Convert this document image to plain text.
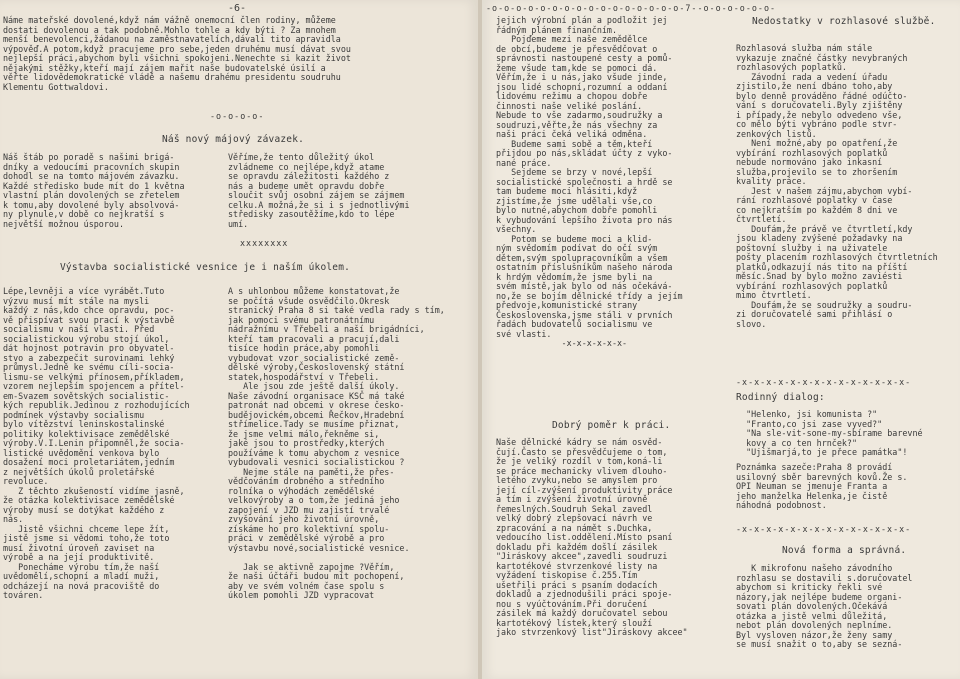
-6-
Náme mateřské dovolené,když nám vážně onemocní člen rodiny, můžeme
dostati dovolenou a tak podobně.Mohlo tohle a kdy býti ? Za mnohem
menší benevolenci,žádanou na zaměstnavatelích,dávali tito apravidla
výpověď.A potom,když pracujeme pro sebe,jeden druhému musí dávat svou
nejlepší práci,abychom byli všichni spokojeni.Nenechte si kazit život
nějakými stěžky,kteří mají zájem mařit naše budovatelské úsilí a
věřte lidovědemokratické vládě a našemu drahému presidentu soudruhu
Klementu Gottwaldovi.
-o-o-o-o-
Náš nový májový závazek.
Náš štáb po poradě s našimi brigá-
dníky a vedoucími pracovních skupin
dohodl se na tomto májovém závazku.
Každé středisko bude mít do 1 května
vlastní plán dovolených se zřetelem
k tomu,aby dovolené byly absolvová-
ny plynule,v době co nejkratší s
největší možnou úsporou.
Věříme,že tento důležitý úkol
zvládneme co nejlépe,když atame
se opravdu záležitosti každého z
nás a budeme umět opravdu dobře
sloučit svůj osobní zájem se zájmem
celku.A možná,že si i s jednotlivými
středisky zasoutěžíme,kdo to lépe
umí.
xxxxxxxx
Výstavba socialistické vesnice je i naším úkolem.
Lépe,levněji a více vyrábět.Tuto
výzvu musí mít stále na mysli
každý z nás,kdo chce opravdu, poc-
vě přispívat svou prací k výstavbě
socialismu v naší vlasti. Před
socialistickou výrobu stojí úkol,
dát hojnost potravin pro obyvatel-
stvo a zabezpečit surovinami lehký
průmysl.Jedně ke svému cíli-socia-
lismu-se velkými přínosem,příkladem,
vzorem nejlepším spojencem a přítel-
em-Svazem sovětských socialistic-
kých republik.Jedinou z rozhodujících
podmínek výstavby socialismu
bylo vítězství leninskostalinské
politiky kolektivisace zemědělské
výroby.V.I.Lenin připomněl,že socia-
listické uvědomění venkova bylo
dosažení moci proletariátem,jedním
z největších úkolů proletářské
revoluce.
Z těchto zkušeností vidíme jasně,
že otázka kolektivisace zemědělské
výroby musí se dotýkat každého z
nás.
Jistě všichni chceme lepe žít,
jistě jsme si vědomi toho,že toto
musí životní úroveň zaviset na
výrobě a na její produktivitě.
Ponecháme výrobu tím,že naší
uvědomělí,schopní a mladí muži,
odcházejí na nová pracoviště do
továren.
A s uhlonbou můžeme konstatovat,že
se počítá všude osvědčilo.Okresk
stranický Praha 8 si také vedla rady s tím,
jak pomoci svému patronátnímu
nádražnímu v Třebeli a naší brigádníci,
kteří tam pracovali a pracují,dali
tisíce hodin práce,aby pomohli
vybudovat vzor socialistické země-
dělské výroby,Československý státní
statek,hospodářství v Třebeli.
Ale jsou zde ještě další úkoly.
Naše závodní organisace KSČ má také
patronát nad obcemi v okrese česko-
budějovickém,obcemi Řečkov,Hradební
střímelice.Tady se musíme přiznat,
že jsme velmi málo,řekněme si,
jaké jsou to prostředky,kterých
používáme k tomu abychom z vesnice
vybudovali vesnici socialistickou ?
Nejme stále na paměti,že přes-
vědčováním drobného a středního
rolníka o výhodách zemědělské
velkovýroby a o tom,že jediná jeho
zapojení v JZD mu zajistí trvalé
zvyšování jeho životní úrovně,
získáme ho pro kolektivní spolu-
práci v zemědělské výrobě a pro
výstavbu nové,socialistické vesnice.

Jak se aktivně zapojme ?Věřím,
že naši účtáři budou mít pochopení,
aby ve svém volném čase spolu s
úkolem pomohli JZD vypracovat
-o-o-o-o-o-o-o-o-o-o-o-o-o-o-o-o-7--o-o-o-o-o-o-
jejich výrobní plán a podložit jej
řádným plánem finančním.
Pojďeme mezi naše zemědělce
de obcí,budeme je přesvědčovat o
správnosti nastoupené cesty a pomů-
žeme všude tam,kde se pomoci dá.
Věřím,že i u nás,jako všude jinde,
jsou lidé schopní,rozumní a oddaní
lidovému režimu a chopou dobře
činnosti naše veliké poslání.
Nebude to vše zadarmo,soudružky a
soudruzi,věřte,že nás všechny za
naši práci čeká veliká odměna.
Budeme sami sobě a těm,kteří
přijdou po nás,skládat účty z vyko-
nané práce.
Sejdeme se brzy v nové,lepší
socialistické společnosti a hrdě se
tam budeme moci hlásiti,když
zjistíme,že jsme udělali vše,co
bylo nutné,abychom dobře pomohli
k vybudování lepšího života pro nás
všechny.
Potom se budeme moci a klid-
ným svědomím podívat do očí svým
dětem,svým spolupracovníkům a všem
ostatním příslušníkům našeho národa
k hrdým vědomím,že jsme byli na
svém místě,jak bylo od nás očekává-
no,že se bojím dělnické třídy a jejím
předvoje,komunistické strany
Československa,jsme stáli v prvních
řadách budovatelů socialismu ve
své vlasti.
-x-x-x-x-x-x-
Dobrý poměr k práci.
Naše dělnické kádry se nám osvěd-
čují.Často se přesvědčujeme o tom,
že je veliký rozdíl v tom,koná-li
se práce mechanicky vlivem dlouho-
letého zvyku,nebo se amyslem pro
její cíl-zvýšení produktivity práce
a tím i zvýšení životní úrovně
řemeslných.Soudruh Sekal zavedl
velký dobrý zlepšovací návrh ve
zpracování a na námět s.Duchka,
vedoucího list.oddělení.Místo psaní
dokladu při každém došlí zásilek
"Jiráskovy akcee",zavedli soudruzi
kartotékové stvrzenkové listy na
vyžádení tiskopise č.255.Tím
ušetřili práci s psaním dodacích
dokladů a zjednodušili práci spoje-
nou s vyúčtováním.Při doručení
zásilek má každý doručovatel sebou
kartotékový lístek,který slouží
jako stvrzenkový list"Jiráskovy akcee"
Nedostatky v rozhlasové službě.
Rozhlasová služba nám stále
vykazuje značné částky nevybraných
rozhlasových poplatků.
Závodní rada a vedení úřadu
zjistilo,že není dbáno toho,aby
bylo denně prováděno řádné odúčto-
vání s doručovateli.Byly zjištěny
i případy,že nebylo odvedeno vše,
co mělo býti vybráno podle stvr-
zenkových listů.
Není možné,aby po opatření,že
vybírání rozhlasových poplatků
nebude normováno jako inkasní
služba,projevilo se to zhoršením
kvality práce.
Jest v našem zájmu,abychom vybí-
rání rozhlasové poplatky v čase
co nejkratším po každém 8 dni ve
čtvrtletí.
Doufám,že právě ve čtvrtletí,kdy
jsou kladeny zvýšené požadavky na
poštovní služby i na uživatele
pošty placením rozhlasových čtvrtletních
platků,odkazují nás tito na příští
měsíc.Snad by bylo možno zaviésti
vybírání rozhlasových poplatků
mimo čtvrtletí.
Doufám,že se soudružky a soudru-
zi doručovatelé sami přihlásí o
slovo.
-x-x-x-x-x-x-x-x-x-x-x-x-x-x-
Rodinný dialog:
"Helenko, jsi komunista ?"
"Franto,co jsi zase vyved?"
"Na sle-vit-sone-my-sbírame barevné
kovy a co ten hrnček?"
"Ujišmarjá,to je přece památka"!
Poznámka sazeče:Praha 8 provádí
usilovný sběr barevných kovů.Že s.
OPI Neuman se jmenuje Franta a
jeho manželka Helenka,je čistě
náhodná podobnost.
-x-x-x-x-x-x-x-x-x-x-x-x-x-x-
Nová forma a správná.
K mikrofonu našeho závodního
rozhlasu se dostavili s.doručovatel
abychom si kriticky řekli své
názory,jak nejlépe budeme organi-
sovati plán dovolených.Očekává
otázka a jistě velmi důležitá,
nebot plán dovolených neplníme.
Byl vysloven názor,že ženy samy
se musí snažit o to,aby se sezná-
